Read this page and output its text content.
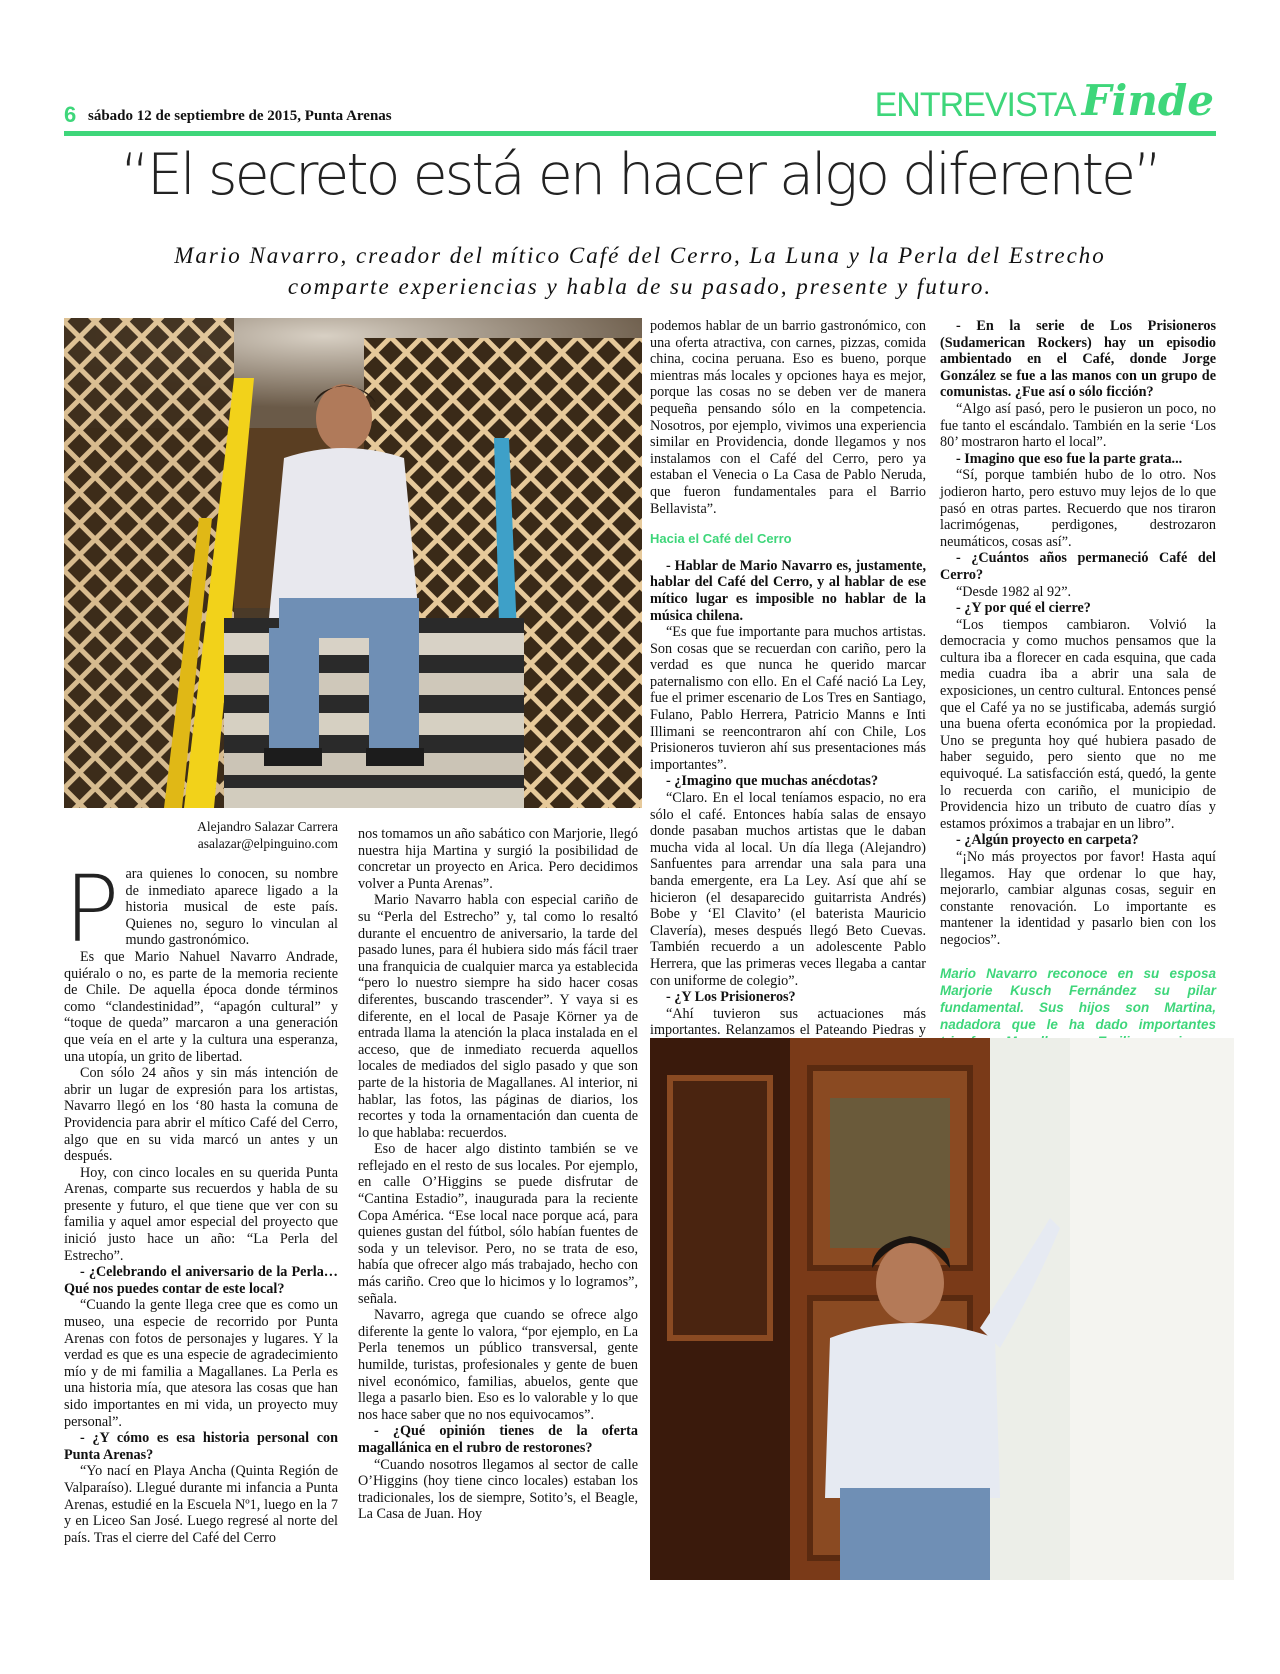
6 sábado 12 de septiembre de 2015, Punta Arenas	ENTREVISTA Finde
“El secreto está en hacer algo diferente”
Mario Navarro, creador del mítico Café del Cerro, La Luna y la Perla del Estrecho
comparte experiencias y habla de su pasado, presente y futuro.
Alejandro Salazar Carrera
asalazar@elpinguino.com
P ara quienes lo conocen, su nombre de inmediato aparece ligado a la historia musical de este país. Quienes no, seguro lo vinculan al mundo gastronómico.

Es que Mario Nahuel Navarro Andrade, quiéralo o no, es parte de la memoria reciente de Chile. De aquella época donde términos como “clandestinidad”, “apagón cultural” y “toque de queda” marcaron a una generación que veía en el arte y la cultura una esperanza, una utopía, un grito de libertad.

Con sólo 24 años y sin más intención de abrir un lugar de expresión para los artistas, Navarro llegó en los ‘80 hasta la comuna de Providencia para abrir el mítico Café del Cerro, algo que en su vida marcó un antes y un después.

Hoy, con cinco locales en su querida Punta Arenas, comparte sus recuerdos y habla de su presente y futuro, el que tiene que ver con su familia y aquel amor especial del proyecto que inició justo hace un año: “La Perla del Estrecho”.

- ¿Celebrando el aniversario de la Perla… Qué nos puedes contar de este local?

“Cuando la gente llega cree que es como un museo, una especie de recorrido por Punta Arenas con fotos de personajes y lugares. Y la verdad es que es una especie de agradecimiento mío y de mi familia a Magallanes. La Perla es una historia mía, que atesora las cosas que han sido importantes en mi vida, un proyecto muy personal”.

- ¿Y cómo es esa historia personal con Punta Arenas?

“Yo nací en Playa Ancha (Quinta Región de Valparaíso). Llegué durante mi infancia a Punta Arenas, estudié en la Escuela Nº1, luego en la 7 y en Liceo San José. Luego regresé al norte del país. Tras el cierre del Café del Cerro

nos tomamos un año sabático con Marjorie, llegó nuestra hija Martina y surgió la posibilidad de concretar un proyecto en Arica. Pero decidimos volver a Punta Arenas”.

Mario Navarro habla con especial cariño de su “Perla del Estrecho” y, tal como lo resaltó durante el encuentro de aniversario, la tarde del pasado lunes, para él hubiera sido más fácil traer una franquicia de cualquier marca ya establecida “pero lo nuestro siempre ha sido hacer cosas diferentes, buscando trascender”. Y vaya si es diferente, en el local de Pasaje Körner ya de entrada llama la atención la placa instalada en el acceso, que de inmediato recuerda aquellos locales de mediados del siglo pasado y que son parte de la historia de Magallanes. Al interior, ni hablar, las fotos, las páginas de diarios, los recortes y toda la ornamentación dan cuenta de lo que hablaba: recuerdos.

Eso de hacer algo distinto también se ve reflejado en el resto de sus locales. Por ejemplo, en calle O’Higgins se puede disfrutar de “Cantina Estadio”, inaugurada para la reciente Copa América. “Ese local nace porque acá, para quienes gustan del fútbol, sólo habían fuentes de soda y un televisor. Pero, no se trata de eso, había que ofrecer algo más trabajado, hecho con más cariño. Creo que lo hicimos y lo logramos”, señala.

Navarro, agrega que cuando se ofrece algo diferente la gente lo valora, “por ejemplo, en La Perla tenemos un público transversal, gente humilde, turistas, profesionales y gente de buen nivel económico, familias, abuelos, gente que llega a pasarlo bien. Eso es lo valorable y lo que nos hace saber que no nos equivocamos”.

- ¿Qué opinión tienes de la oferta magallánica en el rubro de restorones?

“Cuando nosotros llegamos al sector de calle O’Higgins (hoy tiene cinco locales) estaban los tradicionales, los de siempre, Sotito’s, el Beagle, La Casa de Juan. Hoy

podemos hablar de un barrio gastronómico, con una oferta atractiva, con carnes, pizzas, comida china, cocina peruana. Eso es bueno, porque mientras más locales y opciones haya es mejor, porque las cosas no se deben ver de manera pequeña pensando sólo en la competencia. Nosotros, por ejemplo, vivimos una experiencia similar en Providencia, donde llegamos y nos instalamos con el Café del Cerro, pero ya estaban el Venecia o La Casa de Pablo Neruda, que fueron fundamentales para el Barrio Bellavista”.

Hacia el Café del Cerro

- Hablar de Mario Navarro es, justamente, hablar del Café del Cerro, y al hablar de ese mítico lugar es imposible no hablar de la música chilena.

“Es que fue importante para muchos artistas. Son cosas que se recuerdan con cariño, pero la verdad es que nunca he querido marcar paternalismo con ello. En el Café nació La Ley, fue el primer escenario de Los Tres en Santiago, Fulano, Pablo Herrera, Patricio Manns e Inti Illimani se reencontraron ahí con Chile, Los Prisioneros tuvieron ahí sus presentaciones más importantes”.

- ¿Imagino que muchas anécdotas?

“Claro. En el local teníamos espacio, no era sólo el café. Entonces había salas de ensayo donde pasaban muchos artistas que le daban mucha vida al local. Un día llega (Alejandro) Sanfuentes para arrendar una sala para una banda emergente, era La Ley. Así que ahí se hicieron (el desaparecido guitarrista Andrés) Bobe y ‘El Clavito’ (el baterista Mauricio Clavería), meses después llegó Beto Cuevas. También recuerdo a un adolescente Pablo Herrera, que las primeras veces llegaba a cantar con uniforme de colegio”.

- ¿Y Los Prisioneros?

“Ahí tuvieron sus actuaciones más importantes. Relanzamos el Pateando Piedras y

- En la serie de Los Prisioneros (Sudamerican Rockers) hay un episodio ambientado en el Café, donde Jorge González se fue a las manos con un grupo de comunistas. ¿Fue así o sólo ficción?

“Algo así pasó, pero le pusieron un poco, no fue tanto el escándalo. También en la serie ‘Los 80’ mostraron harto el local”.

- Imagino que eso fue la parte grata...

“Sí, porque también hubo de lo otro. Nos jodieron harto, pero estuvo muy lejos de lo que pasó en otras partes. Recuerdo que nos tiraron lacrimógenas, perdigones, destrozaron neumáticos, cosas así”.

- ¿Cuántos años permaneció Café del Cerro?

“Desde 1982 al 92”.

- ¿Y por qué el cierre?

“Los tiempos cambiaron. Volvió la democracia y como muchos pensamos que la cultura iba a florecer en cada esquina, que cada media cuadra iba a abrir una sala de exposiciones, un centro cultural. Entonces pensé que el Café ya no se justificaba, además surgió una buena oferta económica por la propiedad. Uno se pregunta hoy qué hubiera pasado de haber seguido, pero siento que no me equivoqué. La satisfacción está, quedó, la gente lo recuerda con cariño, el municipio de Providencia hizo un tributo de cuatro días y estamos próximos a trabajar en un libro”.

- ¿Algún proyecto en carpeta?

“¡No más proyectos por favor! Hasta aquí llegamos. Hay que ordenar lo que hay, mejorarlo, cambiar algunas cosas, seguir en constante renovación. Lo importante es mantener la identidad y pasarlo bien con los negocios”.

Mario Navarro reconoce en su esposa Marjorie Kusch Fernández su pilar fundamental. Sus hijos son Martina, nadadora que le ha dado importantes
